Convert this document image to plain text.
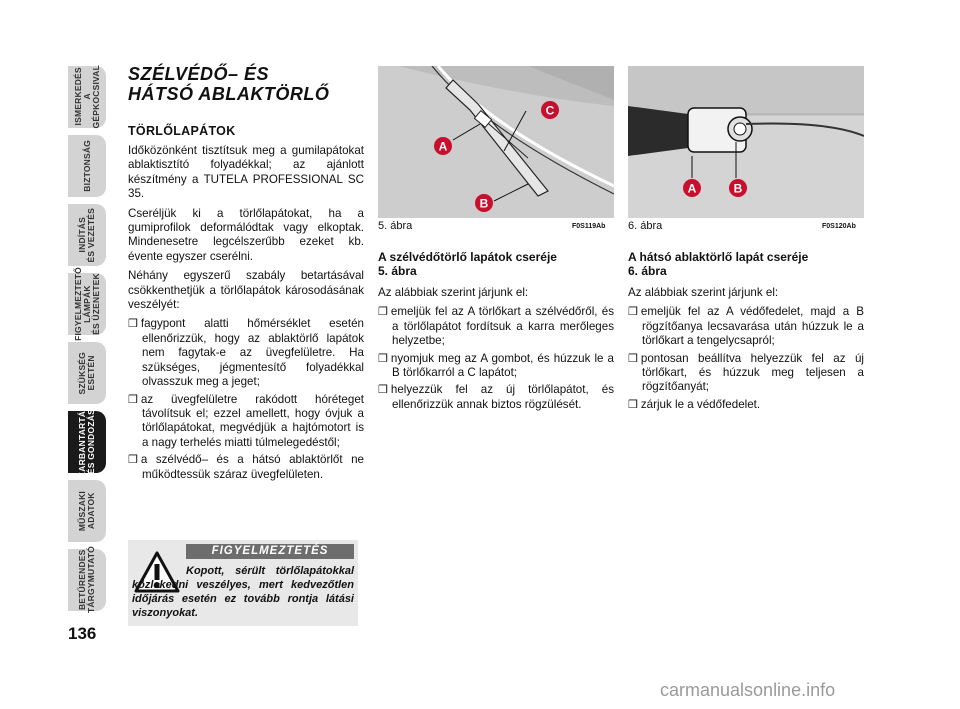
ISMERKEDÉS
A GÉPKOCSIVAL
BIZTONSÁG
INDÍTÁS
ÉS VEZETÉS
FIGYELMEZTETŐ
LÁMPÁK
ÉS ÜZENETEK
SZÜKSÉG
ESETÉN
KARBANTARTÁS
ÉS GONDOZÁS
MŰSZAKI
ADATOK
BETŰRENDES
TÁRGYMUTATÓ
136
SZÉLVÉDŐ– ÉS
HÁTSÓ ABLAKTÖRLŐ
TÖRLŐLAPÁTOK

Időközönként tisztítsuk meg a gumilapátokat ablaktisztító folyadékkal; az ajánlott készítmény a TUTELA PROFESSIONAL SC 35.

Cseréljük ki a törlőlapátokat, ha a gumiprofilok deformálódtak vagy elkoptak. Mindenesetre legcélszerűbb ezeket kb. évente egyszer cserélni.

Néhány egyszerű szabály betartásával csökkenthetjük a törlőlapátok károsodásának veszélyét:

❒ fagypont alatti hőmérséklet esetén ellenőrizzük, hogy az ablaktörlő lapátok nem fagytak-e az üvegfelületre. Ha szükséges, jégmentesítő folyadékkal olvasszuk meg a jeget;

❒ az üvegfelületre rakódott hóréteget távolítsuk el; ezzel amellett, hogy óvjuk a törlőlapátokat, megvédjük a hajtómotort is a nagy terhelés miatti túlmelegedéstől;

❒ a szélvédő– és a hátsó ablaktörlőt ne működtessük száraz üvegfelületen.

FIGYELMEZTETÉS
Kopott, sérült törlőlapátokkal közlekedni veszélyes, mert kedvezőtlen időjárás esetén ez tovább rontja látási viszonyokat.
A
C
B
5. ábra	F0S119Ab
A	B
6. ábra	F0S120Ab
A szélvédőtörlő lapátok cseréje
5. ábra

Az alábbiak szerint járjunk el:

❒ emeljük fel az A törlőkart a szélvédőről, és a törlőlapátot fordítsuk a karra merőleges helyzetbe;

❒ nyomjuk meg az A gombot, és húzzuk le a B törlőkarról a C lapátot;

❒ helyezzük fel az új törlőlapátot, és ellenőrizzük annak biztos rögzülését.

A hátsó ablaktörlő lapát cseréje
6. ábra

Az alábbiak szerint járjunk el:

❒ emeljük fel az A védőfedelet, majd a B rögzítőanya lecsavarása után húzzuk le a törlőkart a tengelycsapról;

❒ pontosan beállítva helyezzük fel az új törlőkart, és húzzuk meg teljesen a rögzítőanyát;

❒ zárjuk le a védőfedelet.

carmanualsonline.info
